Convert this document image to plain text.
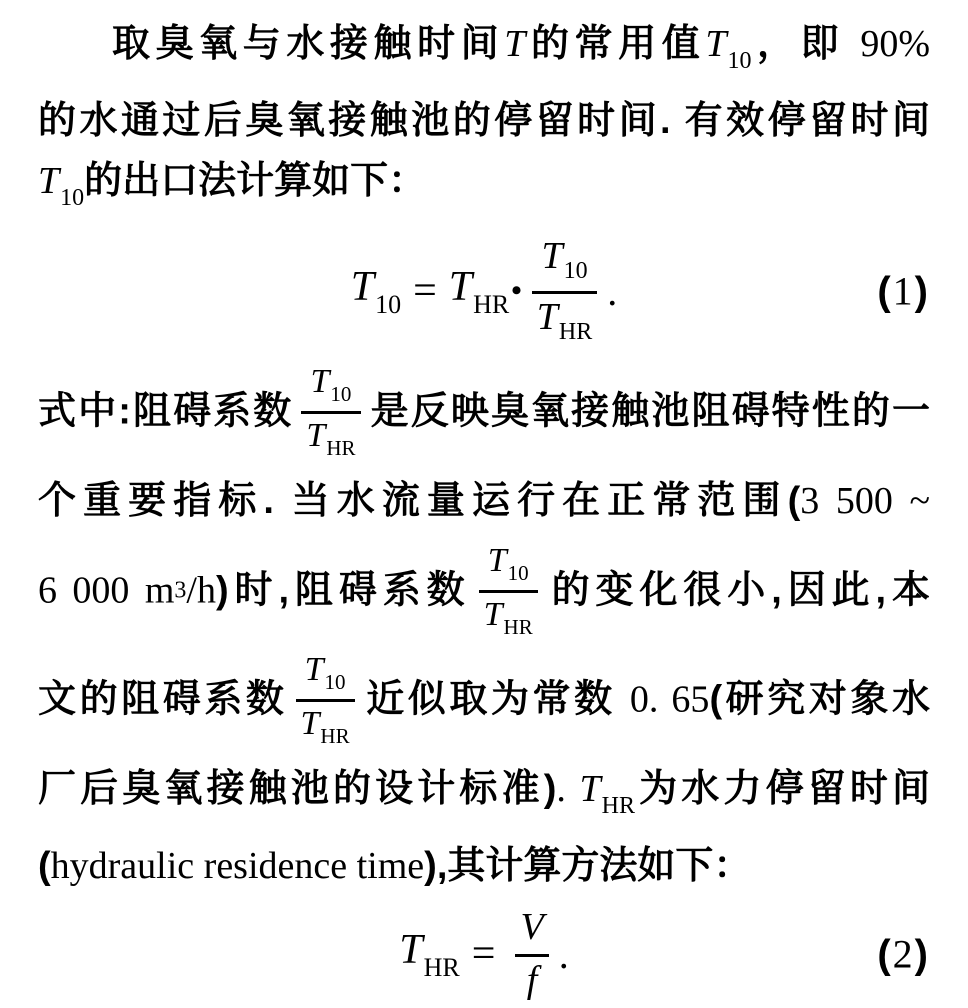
取臭氧与水接触时间T的常用值$T_{10}$，即 90%
的水通过后臭氧接触池的停留时间. 有效停留时间
$T_{10}$的出口法计算如下：
$T_{10} = T_{HR}$ • $\frac{T_{10}}{T_{HR}}$ .	(1)
式中:阻碍系数 $\frac{T_{10}}{T_{HR}}$ 是反映臭氧接触池阻碍特性的一
个重要指标. 当水流量运行在正常范围(3 500 ~
6 000 m3/h)时,阻碍系数 $\frac{T_{10}}{T_{HR}}$ 的变化很小,因此,本
文的阻碍系数 $\frac{T_{10}}{T_{HR}}$ 近似取为常数 0. 65(研究对象水
厂后臭氧接触池的设计标准). $T_{HR}$为水力停留时间
(hydraulic residence time),其计算方法如下：
$T_{HR} = \frac{V}{f}$ .	(2)
